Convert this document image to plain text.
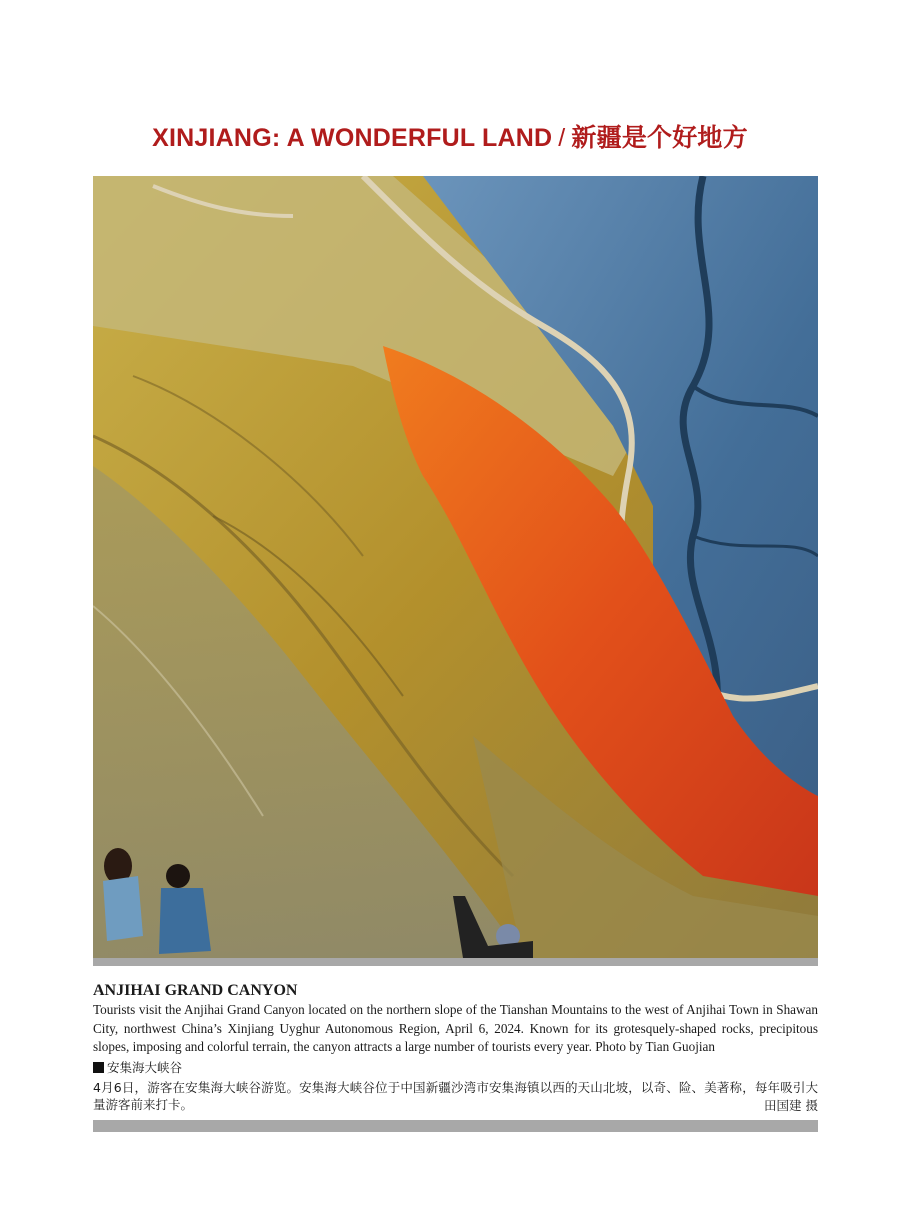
XINJIANG: A WONDERFUL LAND / 新疆是个好地方
ANJIHAI GRAND CANYON
Tourists visit the Anjihai Grand Canyon located on the northern slope of the Tianshan Mountains to the west of Anjihai Town in Shawan City, northwest China’s Xinjiang Uyghur Autonomous Region, April 6, 2024. Known for its grotesquely-shaped rocks, precipitous slopes, imposing and colorful terrain, the canyon attracts a large number of tourists every year. Photo by Tian Guojian
安集海大峡谷
4月6日，游客在安集海大峡谷游览。安集海大峡谷位于中国新疆沙湾市安集海镇以西的天山北坡，以奇、险、美著称，每年吸引大量游客前来打卡。	田国建 摄
